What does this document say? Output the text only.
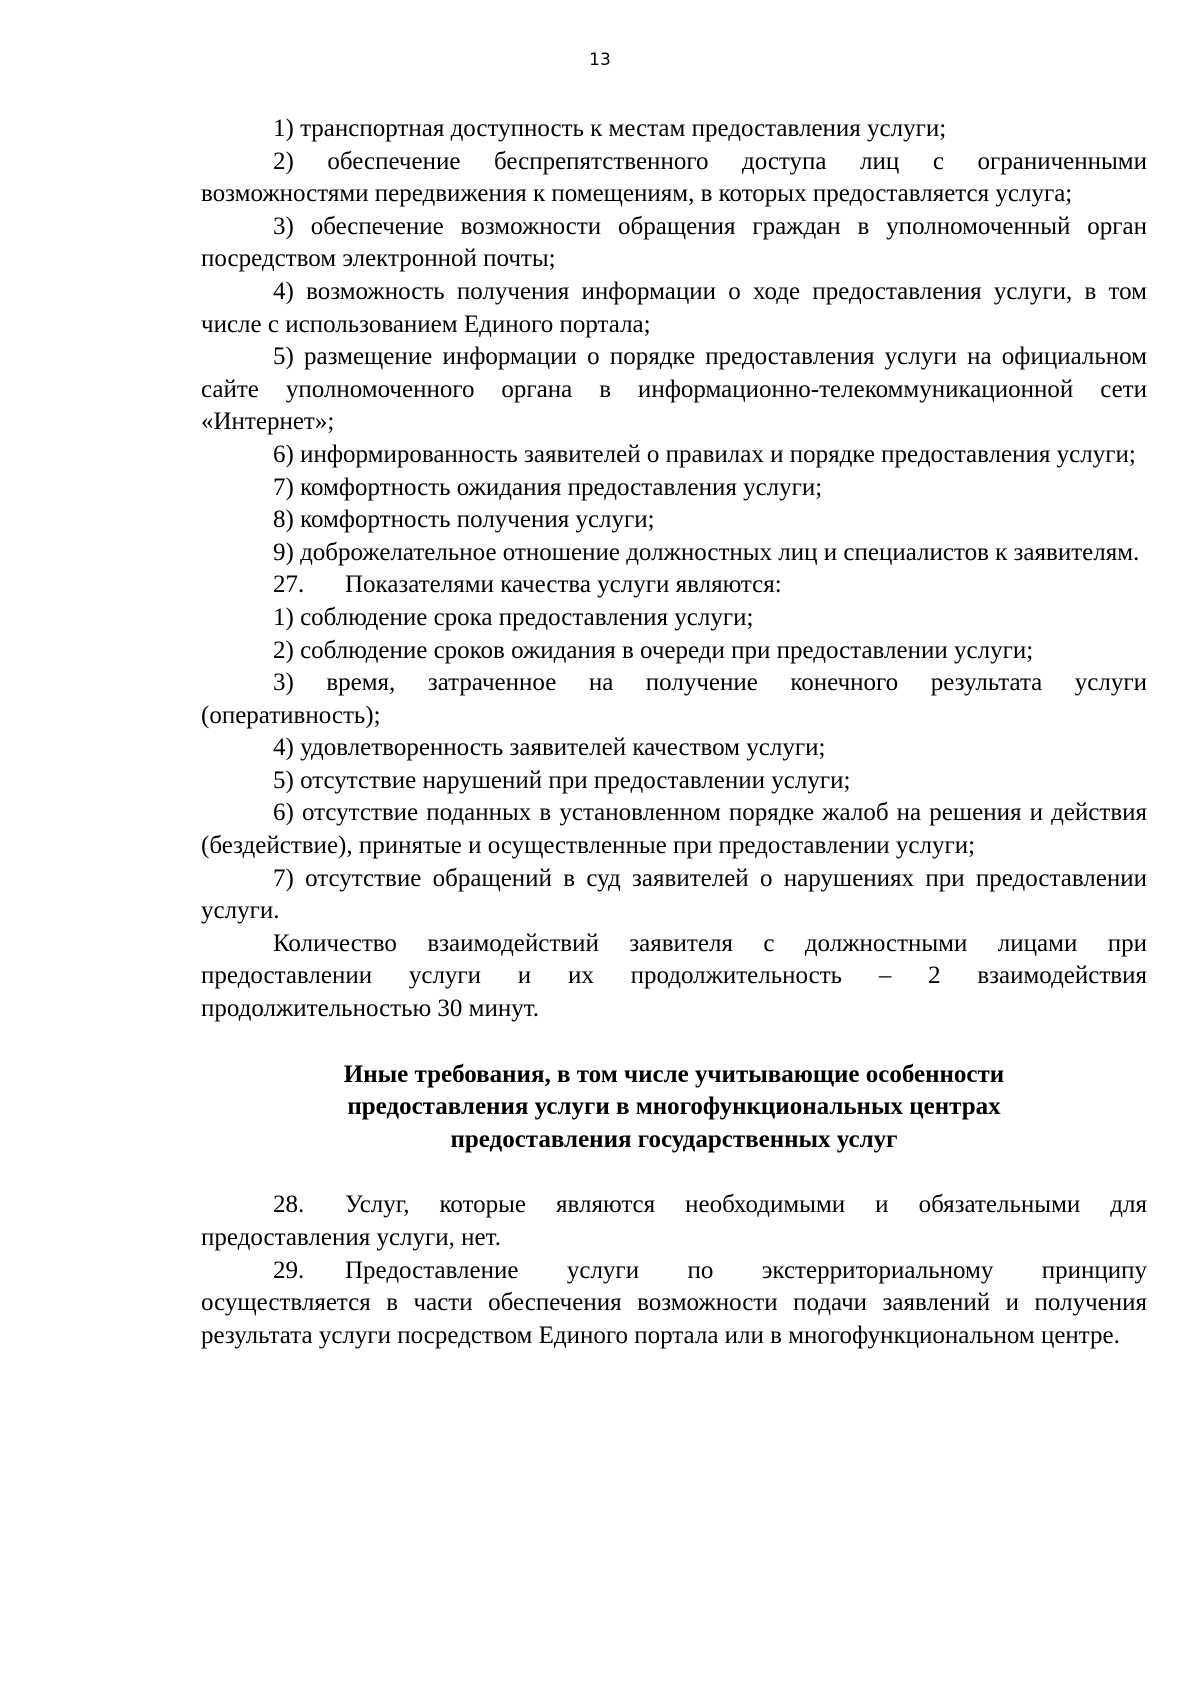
13

1) транспортная доступность к местам предоставления услуги;

2) обеспечение беспрепятственного доступа лиц с ограниченными возможностями передвижения к помещениям, в которых предоставляется услуга;

3) обеспечение возможности обращения граждан в уполномоченный орган посредством электронной почты;

4) возможность получения информации о ходе предоставления услуги, в том числе с использованием Единого портала;

5) размещение информации о порядке предоставления услуги на официальном сайте уполномоченного органа в информационно-телекоммуникационной сети «Интернет»;

6) информированность заявителей о правилах и порядке предоставления услуги;

7) комфортность ожидания предоставления услуги;

8) комфортность получения услуги;

9) доброжелательное отношение должностных лиц и специалистов к заявителям.

27. Показателями качества услуги являются:

1) соблюдение срока предоставления услуги;

2) соблюдение сроков ожидания в очереди при предоставлении услуги;

3) время, затраченное на получение конечного результата услуги (оперативность);

4) удовлетворенность заявителей качеством услуги;

5) отсутствие нарушений при предоставлении услуги;

6) отсутствие поданных в установленном порядке жалоб на решения и действия (бездействие), принятые и осуществленные при предоставлении услуги;

7) отсутствие обращений в суд заявителей о нарушениях при предоставлении услуги.

Количество взаимодействий заявителя с должностными лицами при предоставлении услуги и их продолжительность – 2 взаимодействия продолжительностью 30 минут.

Иные требования, в том числе учитывающие особенности
предоставления услуги в многофункциональных центрах
предоставления государственных услуг

28. Услуг, которые являются необходимыми и обязательными для предоставления услуги, нет.

29. Предоставление услуги по экстерриториальному принципу осуществляется в части обеспечения возможности подачи заявлений и получения результата услуги посредством Единого портала или в многофункциональном центре.
